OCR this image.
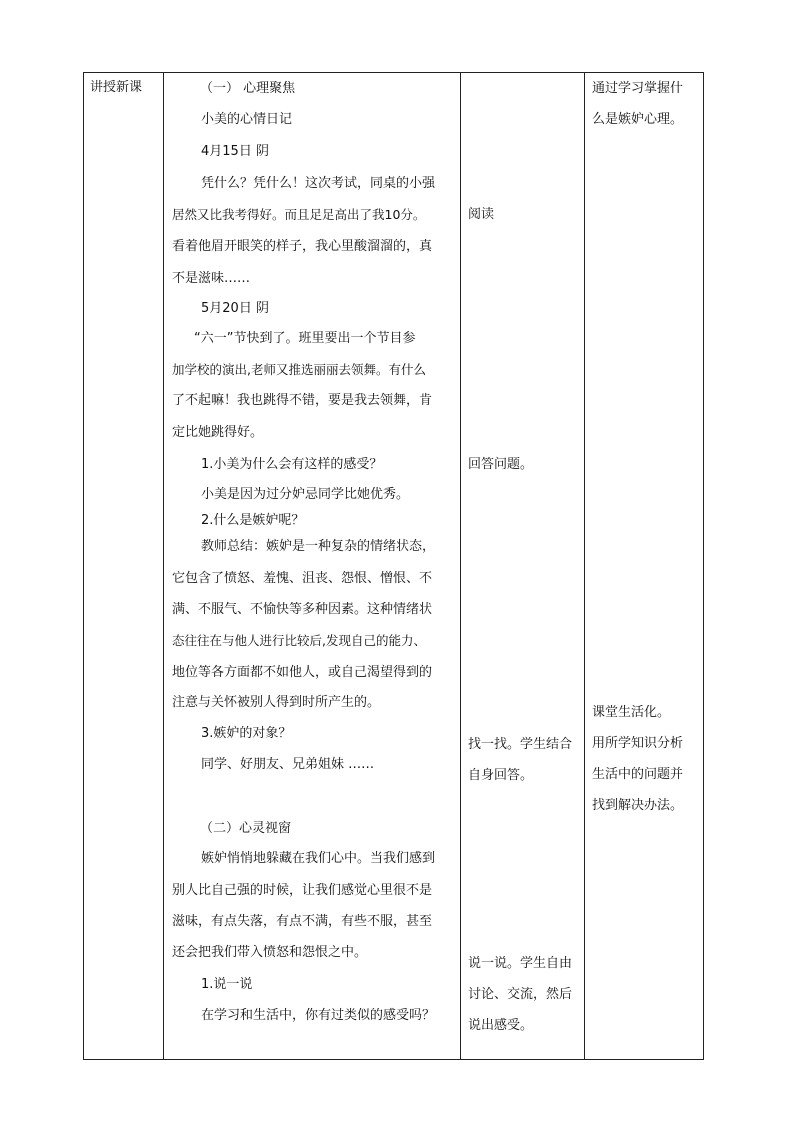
讲授新课	（一） 心理聚焦
小美的心情日记
4月15日 阴
凭什么？凭什么！这次考试，同桌的小强
居然又比我考得好。而且足足高出了我10分。
看着他眉开眼笑的样子，我心里酸溜溜的，真
不是滋味……
5月20日 阴
“六一”节快到了。班里要出一个节目参
加学校的演出,老师又推选丽丽去领舞。有什么
了不起嘛！我也跳得不错，要是我去领舞，肯
定比她跳得好。
1.小美为什么会有这样的感受？
小美是因为过分妒忌同学比她优秀。
2.什么是嫉妒呢？
教师总结：嫉妒是一种复杂的情绪状态，
它包含了愤怒、羞愧、沮丧、怨恨、憎恨、不
满、不服气、不愉快等多种因素。这种情绪状
态往往在与他人进行比较后,发现自己的能力、
地位等各方面都不如他人，或自己渴望得到的
注意与关怀被别人得到时所产生的。
3.嫉妒的对象？
同学、好朋友、兄弟姐妹 ……
（二）心灵视窗
嫉妒悄悄地躲藏在我们心中。当我们感到
别人比自己强的时候，让我们感觉心里很不是
滋味，有点失落，有点不满，有些不服，甚至
还会把我们带入愤怒和怨恨之中。
1.说一说
在学习和生活中，你有过类似的感受吗？

阅读
回答问题。
找一找。学生结合
自身回答。
说一说。学生自由
讨论、交流，然后
说出感受。

通过学习掌握什
么是嫉妒心理。
课堂生活化。
用所学知识分析
生活中的问题并
找到解决办法。
